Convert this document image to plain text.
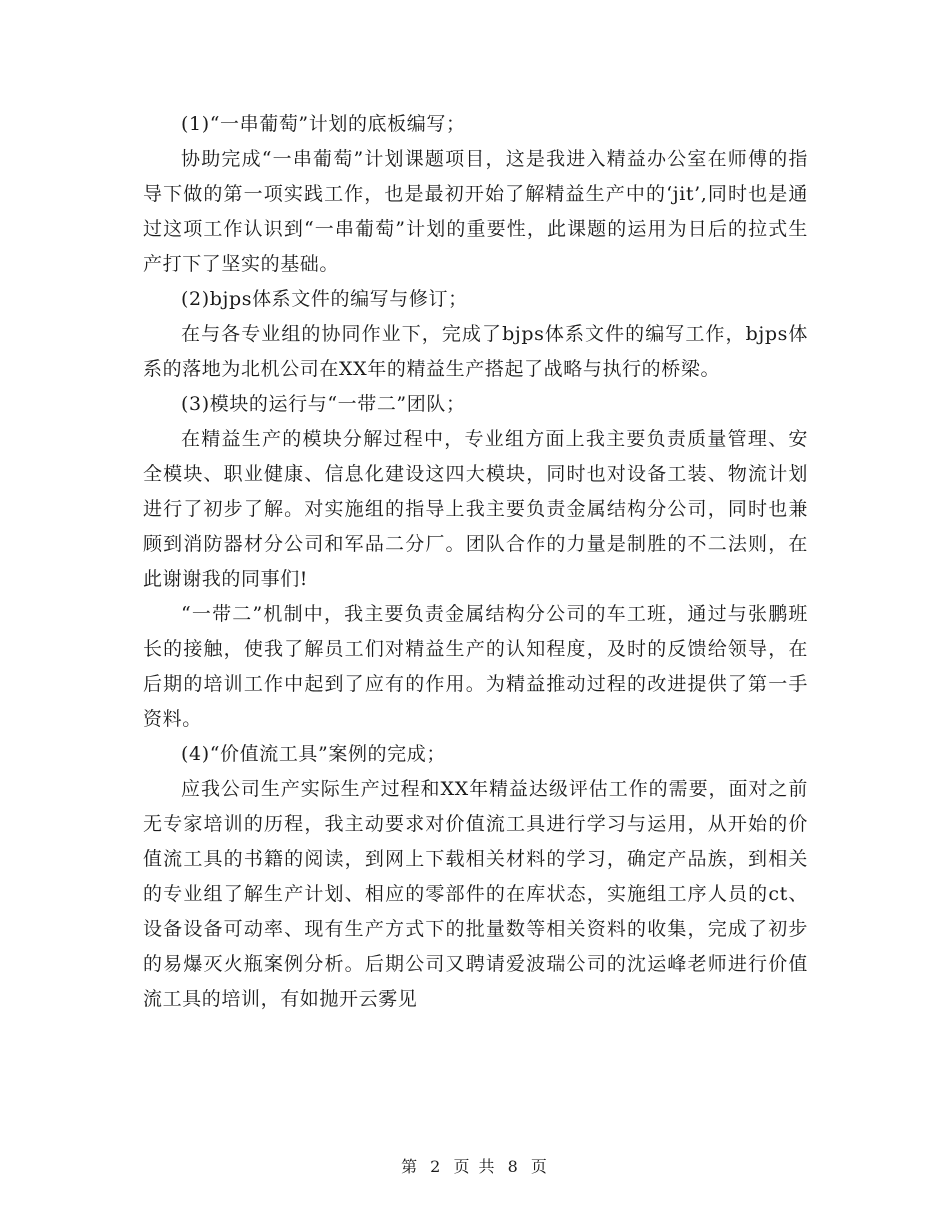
(1)“一串葡萄”计划的底板编写；

协助完成“一串葡萄”计划课题项目，这是我进入精益办公室在师傅的指导下做的第一项实践工作，也是最初开始了解精益生产中的‘jit’,同时也是通过这项工作认识到“一串葡萄”计划的重要性，此课题的运用为日后的拉式生产打下了坚实的基础。

(2)bjps体系文件的编写与修订；

在与各专业组的协同作业下，完成了bjps体系文件的编写工作，bjps体系的落地为北机公司在XX年的精益生产搭起了战略与执行的桥梁。

(3)模块的运行与“一带二”团队；

在精益生产的模块分解过程中，专业组方面上我主要负责质量管理、安全模块、职业健康、信息化建设这四大模块，同时也对设备工装、物流计划进行了初步了解。对实施组的指导上我主要负责金属结构分公司，同时也兼顾到消防器材分公司和军品二分厂。团队合作的力量是制胜的不二法则，在此谢谢我的同事们!

“一带二”机制中，我主要负责金属结构分公司的车工班，通过与张鹏班长的接触，使我了解员工们对精益生产的认知程度，及时的反馈给领导，在后期的培训工作中起到了应有的作用。为精益推动过程的改进提供了第一手资料。

(4)“价值流工具”案例的完成；

应我公司生产实际生产过程和XX年精益达级评估工作的需要，面对之前无专家培训的历程，我主动要求对价值流工具进行学习与运用，从开始的价值流工具的书籍的阅读，到网上下载相关材料的学习，确定产品族，到相关的专业组了解生产计划、相应的零部件的在库状态，实施组工序人员的ct、设备设备可动率、现有生产方式下的批量数等相关资料的收集，完成了初步的易爆灭火瓶案例分析。后期公司又聘请爱波瑞公司的沈运峰老师进行价值流工具的培训，有如抛开云雾见

第 2 页 共 8 页
